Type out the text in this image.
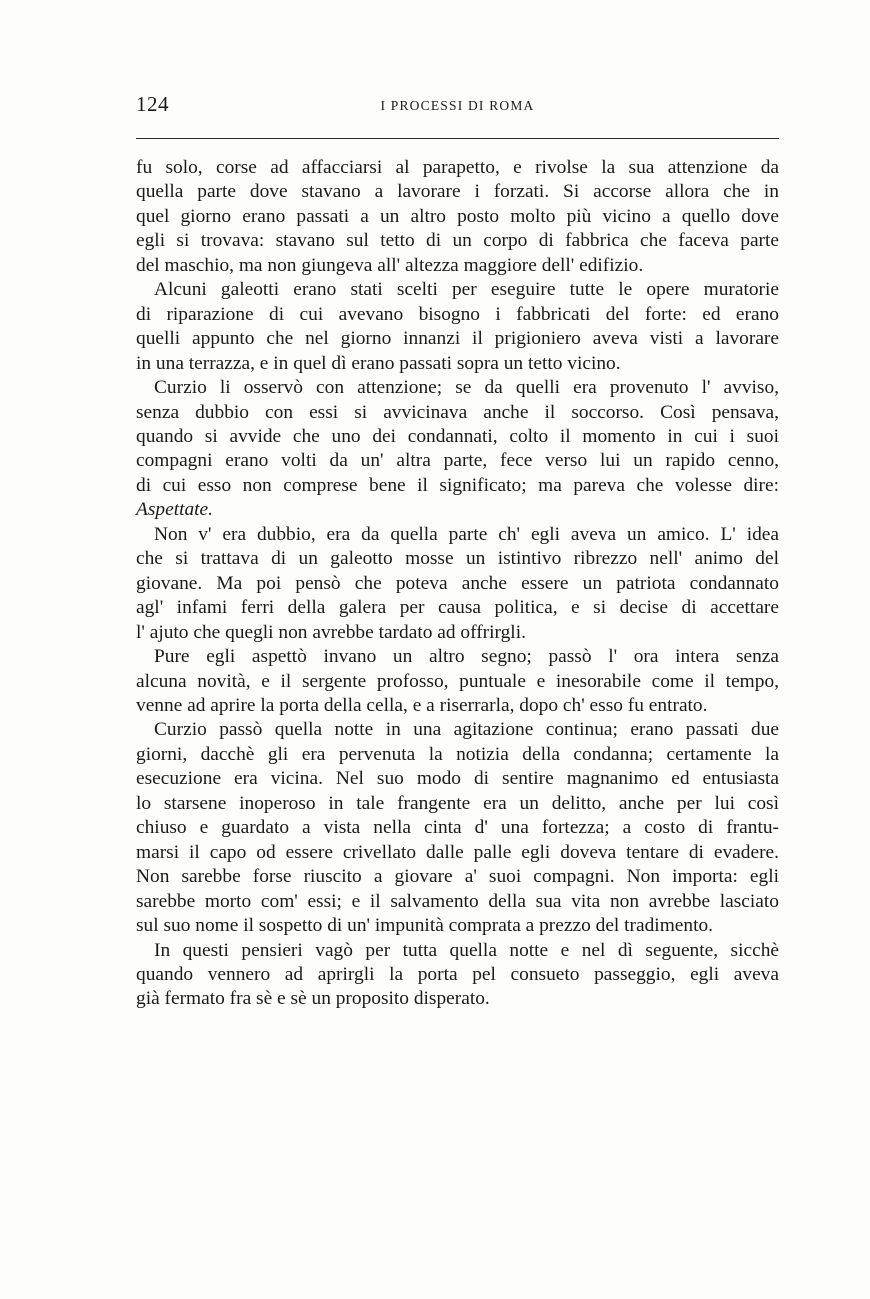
124	I PROCESSI DI ROMA
fu solo, corse ad affacciarsi al parapetto, e rivolse la sua attenzione da
quella parte dove stavano a lavorare i forzati. Si accorse allora che in
quel giorno erano passati a un altro posto molto più vicino a quello dove
egli si trovava: stavano sul tetto di un corpo di fabbrica che faceva parte
del maschio, ma non giungeva all' altezza maggiore dell' edifizio.
Alcuni galeotti erano stati scelti per eseguire tutte le opere muratorie
di riparazione di cui avevano bisogno i fabbricati del forte: ed erano
quelli appunto che nel giorno innanzi il prigioniero aveva visti a lavorare
in una terrazza, e in quel dì erano passati sopra un tetto vicino.
Curzio li osservò con attenzione; se da quelli era provenuto l' avviso,
senza dubbio con essi si avvicinava anche il soccorso. Così pensava,
quando si avvide che uno dei condannati, colto il momento in cui i suoi
compagni erano volti da un' altra parte, fece verso lui un rapido cenno,
di cui esso non comprese bene il significato; ma pareva che volesse dire:
Aspettate.
Non v' era dubbio, era da quella parte ch' egli aveva un amico. L' idea
che si trattava di un galeotto mosse un istintivo ribrezzo nell' animo del
giovane. Ma poi pensò che poteva anche essere un patriota condannato
agl' infami ferri della galera per causa politica, e si decise di accettare
l' ajuto che quegli non avrebbe tardato ad offrirgli.
Pure egli aspettò invano un altro segno; passò l' ora intera senza
alcuna novità, e il sergente profosso, puntuale e inesorabile come il tempo,
venne ad aprire la porta della cella, e a riserrarla, dopo ch' esso fu entrato.
Curzio passò quella notte in una agitazione continua; erano passati due
giorni, dacchè gli era pervenuta la notizia della condanna; certamente la
esecuzione era vicina. Nel suo modo di sentire magnanimo ed entusiasta
lo starsene inoperoso in tale frangente era un delitto, anche per lui così
chiuso e guardato a vista nella cinta d' una fortezza; a costo di frantu-
marsi il capo od essere crivellato dalle palle egli doveva tentare di evadere.
Non sarebbe forse riuscito a giovare a' suoi compagni. Non importa: egli
sarebbe morto com' essi; e il salvamento della sua vita non avrebbe lasciato
sul suo nome il sospetto di un' impunità comprata a prezzo del tradimento.
In questi pensieri vagò per tutta quella notte e nel dì seguente, sicchè
quando vennero ad aprirgli la porta pel consueto passeggio, egli aveva
già fermato fra sè e sè un proposito disperato.
